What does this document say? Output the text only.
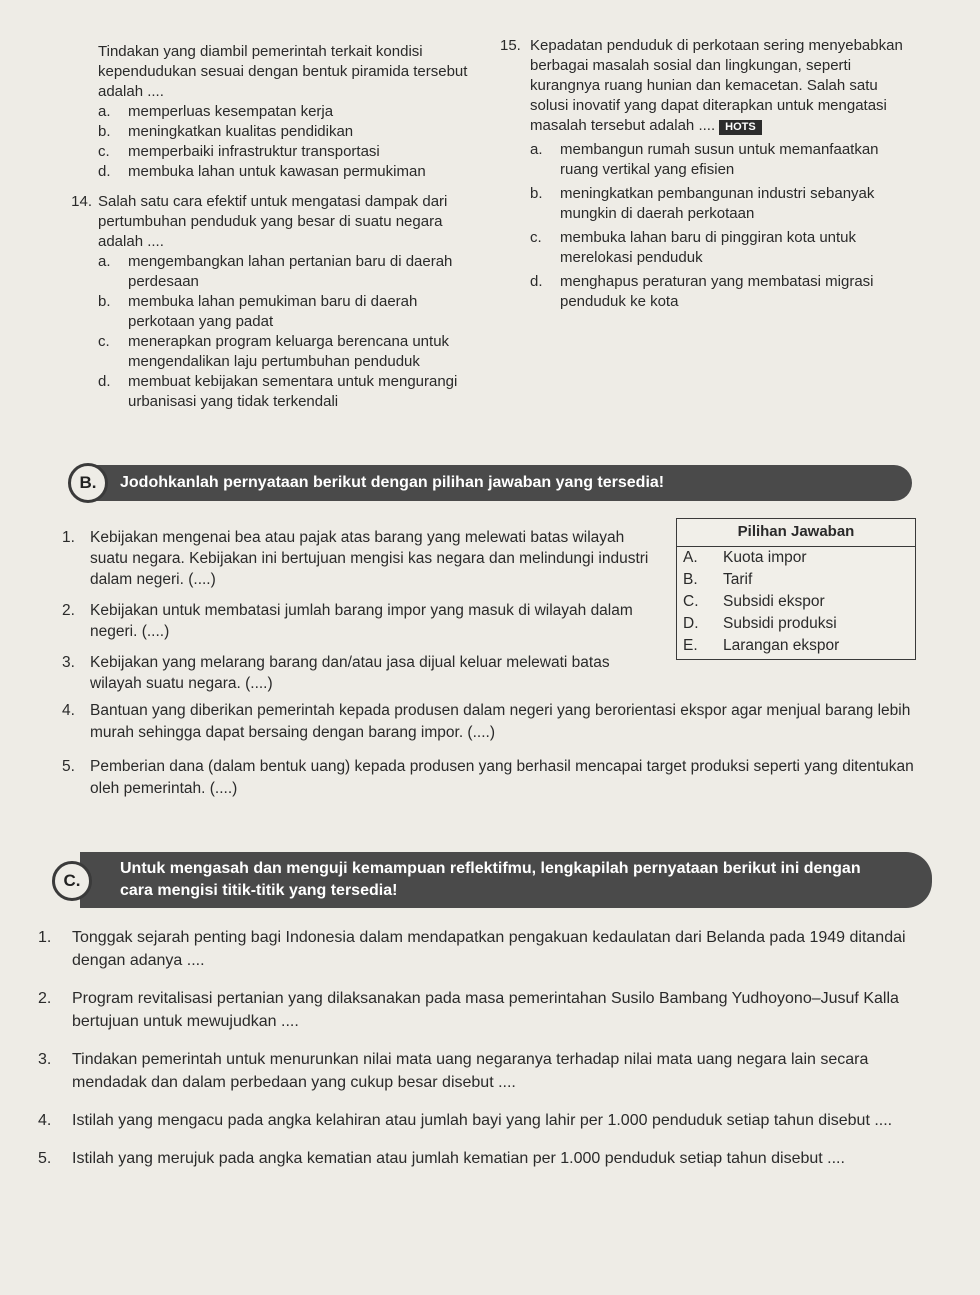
Tindakan yang diambil pemerintah terkait kondisi kependudukan sesuai dengan bentuk piramida tersebut adalah ....

a.	memperluas kesempatan kerja
b.	meningkatkan kualitas pendidikan
c.	memperbaiki infrastruktur transportasi
d.	membuka lahan untuk kawasan permukiman
14. Salah satu cara efektif untuk mengatasi dampak dari pertumbuhan penduduk yang besar di suatu negara adalah ....
a.	mengembangkan lahan pertanian baru di daerah perdesaan
b.	membuka lahan pemukiman baru di daerah perkotaan yang padat
c.	menerapkan program keluarga berencana untuk mengendalikan laju pertumbuhan penduduk
d.	membuat kebijakan sementara untuk mengurangi urbanisasi yang tidak terkendali
15. Kepadatan penduduk di perkotaan sering menyebabkan berbagai masalah sosial dan lingkungan, seperti kurangnya ruang hunian dan kemacetan. Salah satu solusi inovatif yang dapat diterapkan untuk mengatasi masalah tersebut adalah .... HOTS
a.	membangun rumah susun untuk memanfaatkan ruang vertikal yang efisien
b.	meningkatkan pembangunan industri sebanyak mungkin di daerah perkotaan
c.	membuka lahan baru di pinggiran kota untuk merelokasi penduduk
d.	menghapus peraturan yang membatasi migrasi penduduk ke kota
Jodohkanlah pernyataan berikut dengan pilihan jawaban yang tersedia!
B.
1. Kebijakan mengenai bea atau pajak atas barang yang melewati batas wilayah suatu negara. Kebijakan ini bertujuan mengisi kas negara dan melindungi industri dalam negeri. (....)
2. Kebijakan untuk membatasi jumlah barang impor yang masuk di wilayah dalam negeri. (....)
3. Kebijakan yang melarang barang dan/atau jasa dijual keluar melewati batas wilayah suatu negara. (....)
4. Bantuan yang diberikan pemerintah kepada produsen dalam negeri yang berorientasi ekspor agar menjual barang lebih murah sehingga dapat bersaing dengan barang impor. (....)
5. Pemberian dana (dalam bentuk uang) kepada produsen yang berhasil mencapai target produksi seperti yang ditentukan oleh pemerintah. (....)
Pilihan Jawaban
A.	Kuota impor
B.	Tarif
C.	Subsidi ekspor
D.	Subsidi produksi
E.	Larangan ekspor
Untuk mengasah dan menguji kemampuan reflektifmu, lengkapilah pernyataan berikut ini dengan
cara mengisi titik-titik yang tersedia!
C.
1.	Tonggak sejarah penting bagi Indonesia dalam mendapatkan pengakuan kedaulatan dari Belanda pada 1949 ditandai dengan adanya ....
2.	Program revitalisasi pertanian yang dilaksanakan pada masa pemerintahan Susilo Bambang Yudhoyono–Jusuf Kalla bertujuan untuk mewujudkan ....
3.	Tindakan pemerintah untuk menurunkan nilai mata uang negaranya terhadap nilai mata uang negara lain secara mendadak dan dalam perbedaan yang cukup besar disebut ....
4.	Istilah yang mengacu pada angka kelahiran atau jumlah bayi yang lahir per 1.000 penduduk setiap tahun disebut ....
5.	Istilah yang merujuk pada angka kematian atau jumlah kematian per 1.000 penduduk setiap tahun disebut ....
